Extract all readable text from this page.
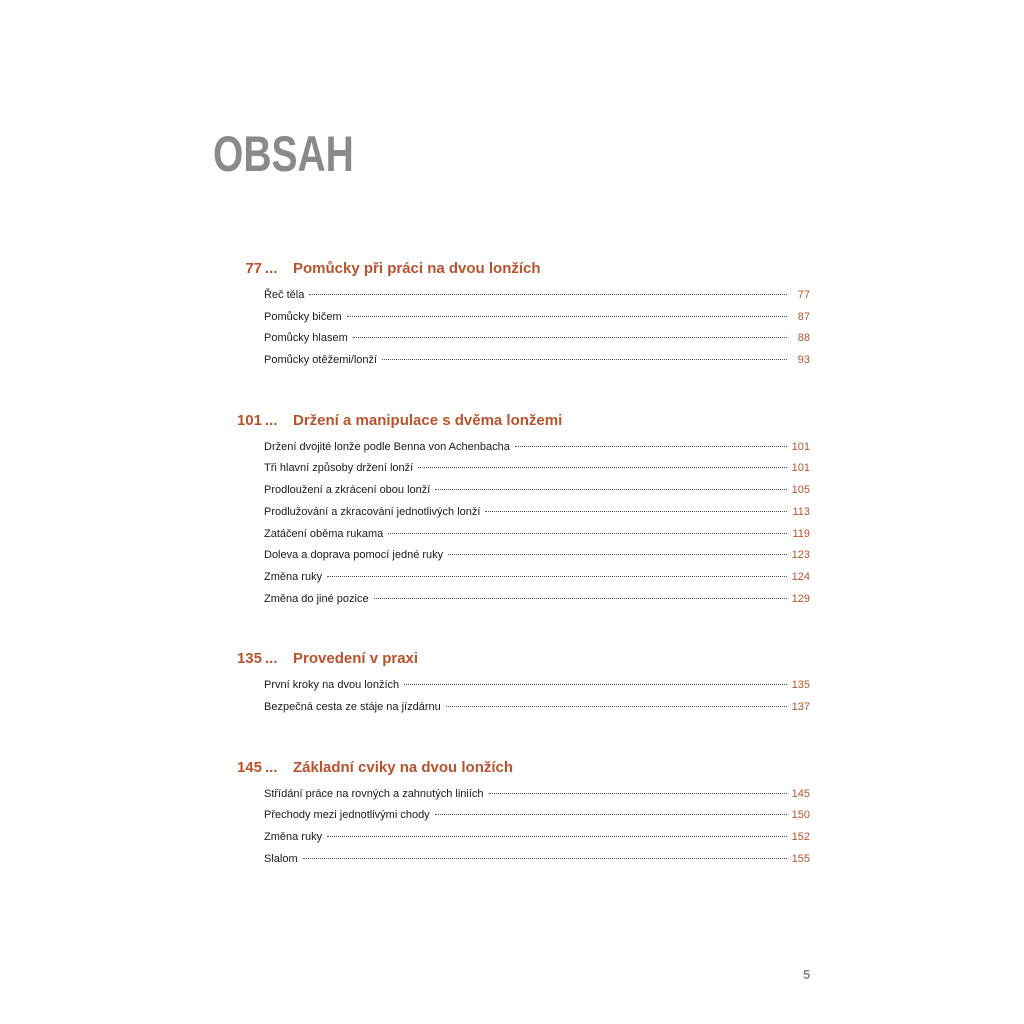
OBSAH
77 ...	Pomůcky při práci na dvou lonžích
Řeč těla	77
Pomůcky bičem	87
Pomůcky hlasem	88
Pomůcky otěžemi/lonží	93
101 ...	Držení a manipulace s dvěma lonžemi
Držení dvojité lonže podle Benna von Achenbacha	101
Tři hlavní způsoby držení lonží	101
Prodloužení a zkrácení obou lonží	105
Prodlužování a zkracování jednotlivých lonží	113
Zatáčení oběma rukama	119
Doleva a doprava pomocí jedné ruky	123
Změna ruky	124
Změna do jiné pozice	129
135 ...	Provedení v praxi
První kroky na dvou lonžích	135
Bezpečná cesta ze stáje na jízdárnu	137
145 ...	Základní cviky na dvou lonžích
Střídání práce na rovných a zahnutých liniích	145
Přechody mezi jednotlivými chody	150
Změna ruky	152
Slalom	155
5
